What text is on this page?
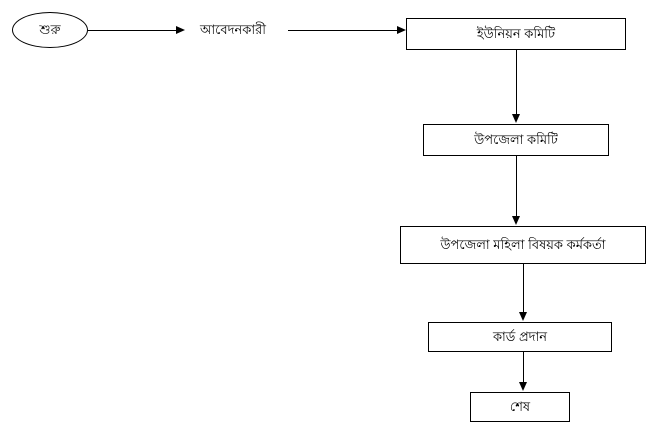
শুরু	আবেদনকারী	ইউনিয়ন কমিটি
উপজেলা কমিটি
উপজেলা মহিলা বিষয়ক কর্মকর্তা
কার্ড প্রদান
শেষ
